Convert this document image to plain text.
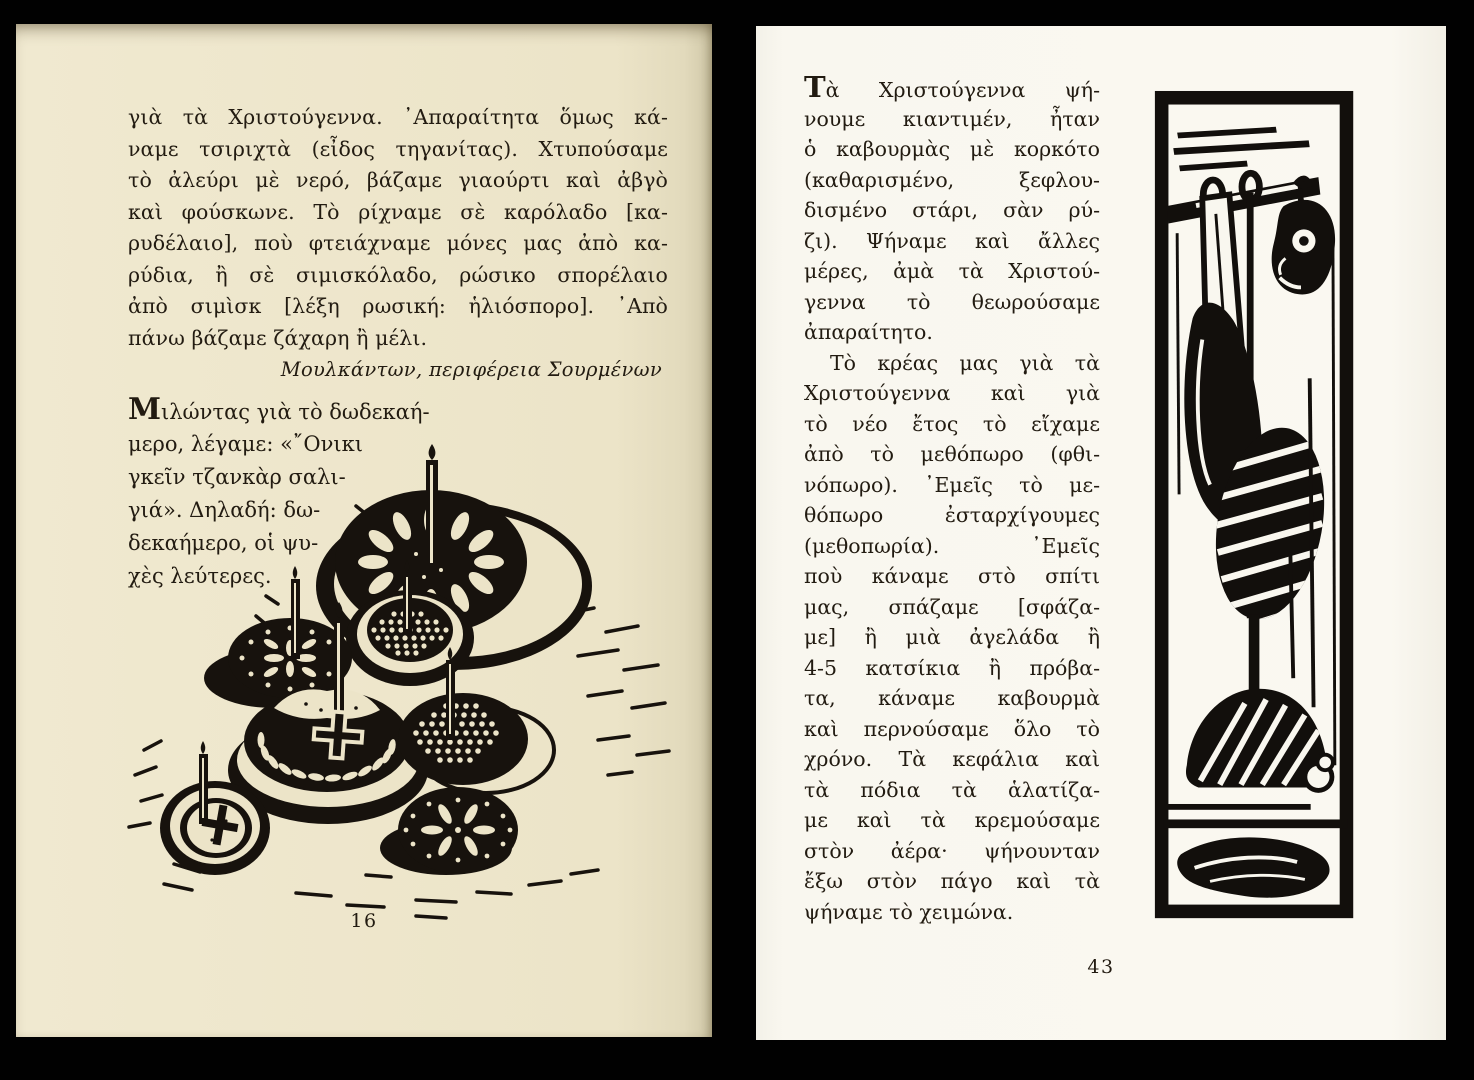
γιὰ τὰ Χριστούγεννα. ᾿Απαραίτητα ὅμως κά-
ναμε τσιριχτὰ (εἶδος τηγανίτας). Χτυπούσαμε
τὸ ἀλεύρι μὲ νερό, βάζαμε γιαούρτι καὶ ἀβγὸ
καὶ φούσκωνε. Τὸ ρίχναμε σὲ καρόλαδο [κα-
ρυδέλαιο], ποὺ φτειάχναμε μόνες μας ἀπὸ κα-
ρύδια, ἢ σὲ σιμισκόλαδο, ρώσικο σπορέλαιο
ἀπὸ σιμὶσκ [λέξη ρωσική: ἡλιόσπορο]. ᾿Απὸ
πάνω βάζαμε ζάχαρη ἢ μέλι.
Μουλκάντων, περιφέρεια Σουρμένων
Μιλώντας γιὰ τὸ δωδεκαή-
μερο, λέγαμε: «῎Ονικι
γκεῖν τζανκὰρ σαλι-
γιά». Δηλαδή: δω-
δεκαήμερο, οἱ ψυ-
χὲς λεύτερες.
16
Τὰ Χριστούγεννα ψή-
νουμε κιαντιμέν, ἦταν
ὁ καβουρμὰς μὲ κορκότο
(καθαρισμένο, ξεφλου-
δισμένο στάρι, σὰν ρύ-
ζι). Ψήναμε καὶ ἄλλες
μέρες, ἀμὰ τὰ Χριστού-
γεννα τὸ θεωρούσαμε
ἀπαραίτητο.
Τὸ κρέας μας γιὰ τὰ
Χριστούγεννα καὶ γιὰ
τὸ νέο ἔτος τὸ εἴχαμε
ἀπὸ τὸ μεθόπωρο (φθι-
νόπωρο). ᾿Εμεῖς τὸ με-
θόπωρο ἐσταρχίγουμες
(μεθοπωρία). ᾿Εμεῖς
ποὺ κάναμε στὸ σπίτι
μας, σπάζαμε [σφάζα-
με] ἢ μιὰ ἀγελάδα ἢ
4-5 κατσίκια ἢ πρόβα-
τα, κάναμε καβουρμὰ
καὶ περνούσαμε ὅλο τὸ
χρόνο. Τὰ κεφάλια καὶ
τὰ πόδια τὰ ἁλατίζα-
με καὶ τὰ κρεμούσαμε
στὸν ἀέρα· ψήνουνταν
ἔξω στὸν πάγο καὶ τὰ
ψήναμε τὸ χειμώνα.
43
